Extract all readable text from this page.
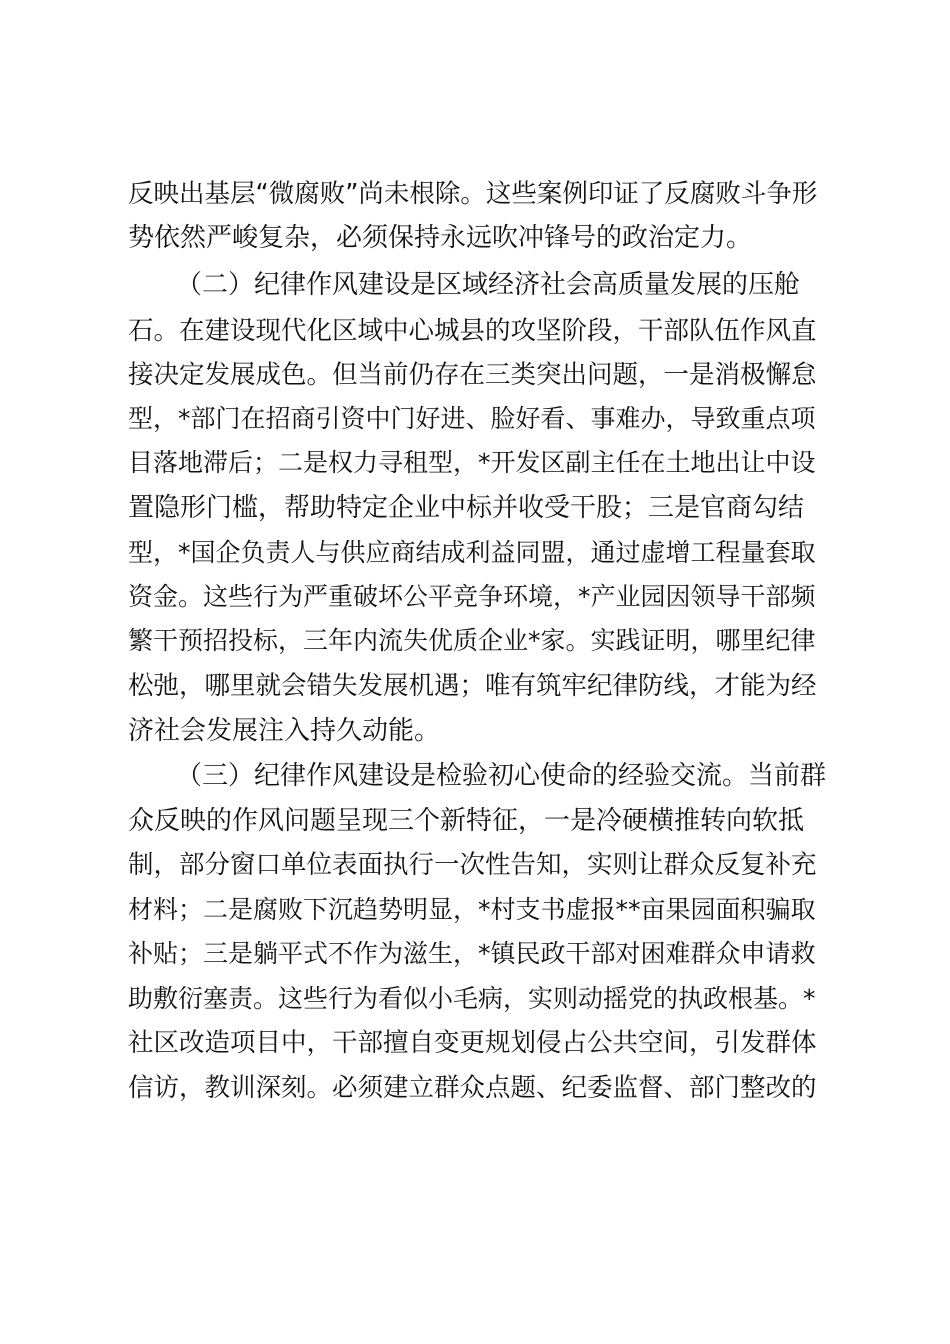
反映出基层“微腐败”尚未根除。这些案例印证了反腐败斗争形
势依然严峻复杂，必须保持永远吹冲锋号的政治定力。
（二）纪律作风建设是区域经济社会高质量发展的压舱
石。在建设现代化区域中心城县的攻坚阶段，干部队伍作风直
接决定发展成色。但当前仍存在三类突出问题，一是消极懈怠
型，*部门在招商引资中门好进、脸好看、事难办，导致重点项
目落地滞后；二是权力寻租型，*开发区副主任在土地出让中设
置隐形门槛，帮助特定企业中标并收受干股；三是官商勾结
型，*国企负责人与供应商结成利益同盟，通过虚增工程量套取
资金。这些行为严重破坏公平竞争环境，*产业园因领导干部频
繁干预招投标，三年内流失优质企业*家。实践证明，哪里纪律
松弛，哪里就会错失发展机遇；唯有筑牢纪律防线，才能为经
济社会发展注入持久动能。
（三）纪律作风建设是检验初心使命的经验交流。当前群
众反映的作风问题呈现三个新特征，一是冷硬横推转向软抵
制，部分窗口单位表面执行一次性告知，实则让群众反复补充
材料；二是腐败下沉趋势明显，*村支书虚报**亩果园面积骗取
补贴；三是躺平式不作为滋生，*镇民政干部对困难群众申请救
助敷衍塞责。这些行为看似小毛病，实则动摇党的执政根基。*
社区改造项目中，干部擅自变更规划侵占公共空间，引发群体
信访，教训深刻。必须建立群众点题、纪委监督、部门整改的
